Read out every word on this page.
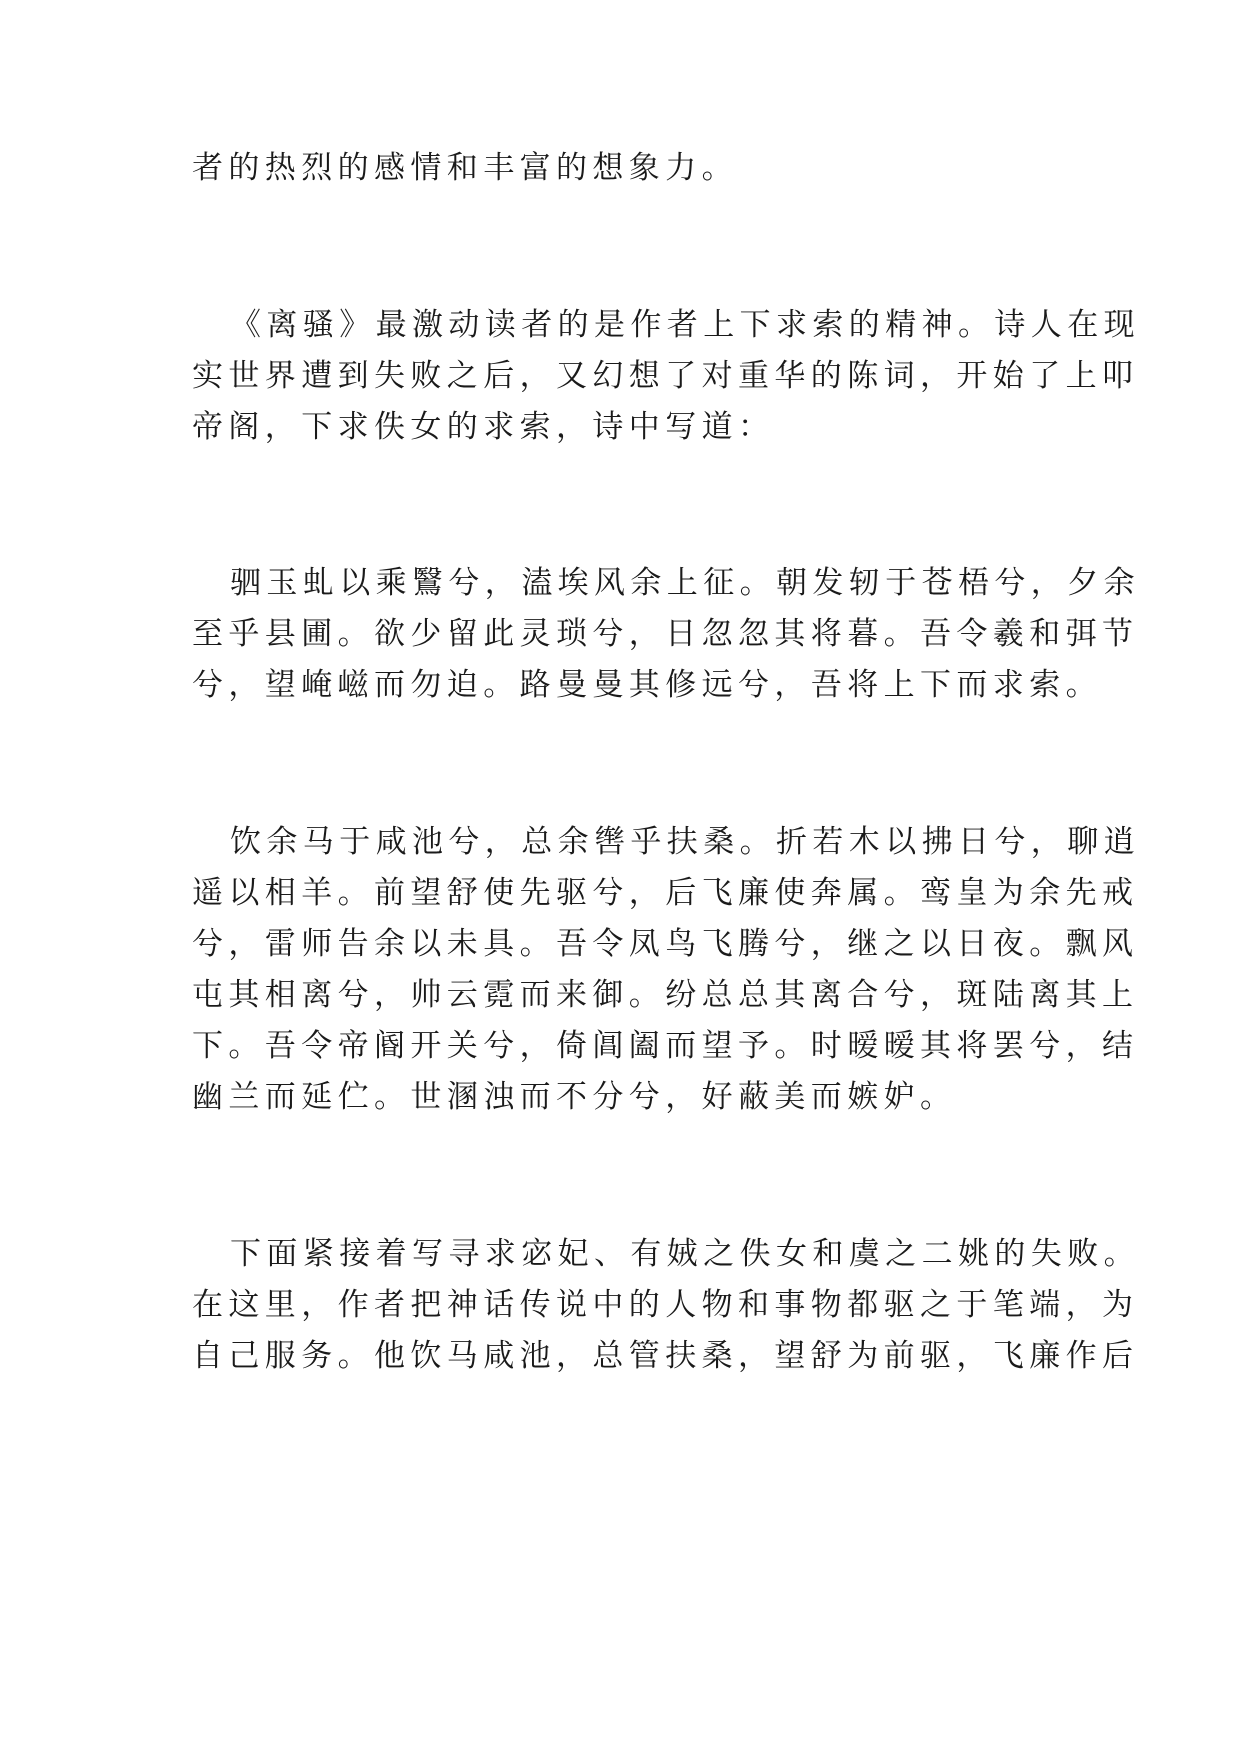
者的热烈的感情和丰富的想象力。
《离骚》最激动读者的是作者上下求索的精神。诗人在现
实世界遭到失败之后，又幻想了对重华的陈词，开始了上叩
帝阁，下求佚女的求索，诗中写道：
驷玉虬以乘鷖兮，溘埃风余上征。朝发轫于苍梧兮，夕余
至乎县圃。欲少留此灵琐兮，日忽忽其将暮。吾令羲和弭节
兮，望崦嵫而勿迫。路曼曼其修远兮，吾将上下而求索。
饮余马于咸池兮，总余辔乎扶桑。折若木以拂日兮，聊逍
遥以相羊。前望舒使先驱兮，后飞廉使奔属。鸾皇为余先戒
兮，雷师告余以未具。吾令凤鸟飞腾兮，继之以日夜。飘风
屯其相离兮，帅云霓而来御。纷总总其离合兮，斑陆离其上
下。吾令帝阍开关兮，倚阊阖而望予。时暧暧其将罢兮，结
幽兰而延伫。世溷浊而不分兮，好蔽美而嫉妒。
下面紧接着写寻求宓妃、有娀之佚女和虞之二姚的失败。
在这里，作者把神话传说中的人物和事物都驱之于笔端，为
自己服务。他饮马咸池，总管扶桑，望舒为前驱，飞廉作后
